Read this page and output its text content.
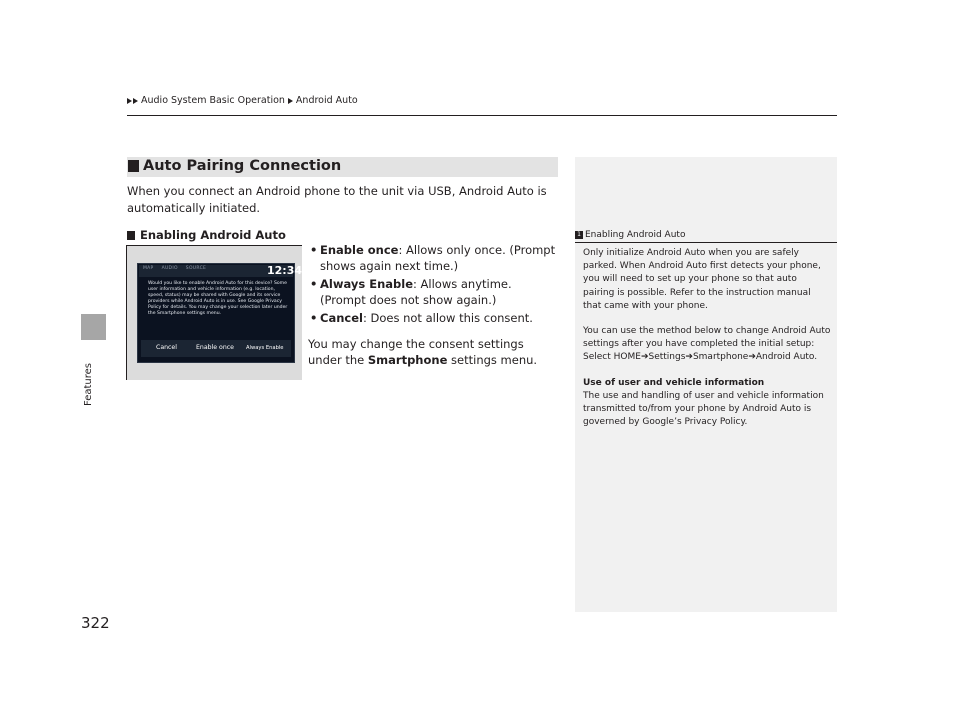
Audio System Basic Operation Android Auto
Features
322
Auto Pairing Connection
When you connect an Android phone to the unit via USB, Android Auto is automatically initiated.
Enabling Android Auto
MAP AUDIO SOURCE	12:34
Would you like to enable Android Auto for this device? Some user information and vehicle information (e.g. location, speed, status) may be shared with Google and its service providers while Android Auto is in use. See Google Privacy Policy for details. You may change your selection later under the Smartphone settings menu.
Cancel	Enable once Always Enable
• Enable once: Allows only once. (Prompt shows again next time.)
• Always Enable: Allows anytime. (Prompt does not show again.)
• Cancel: Does not allow this consent.
You may change the consent settings under the Smartphone settings menu.
1 Enabling Android Auto

Only initialize Android Auto when you are safely parked. When Android Auto first detects your phone, you will need to set up your phone so that auto pairing is possible. Refer to the instruction manual that came with your phone.

You can use the method below to change Android Auto settings after you have completed the initial setup:

Select HOME➔Settings➔Smartphone➔Android Auto.

Use of user and vehicle information

The use and handling of user and vehicle information transmitted to/from your phone by Android Auto is governed by Google’s Privacy Policy.
